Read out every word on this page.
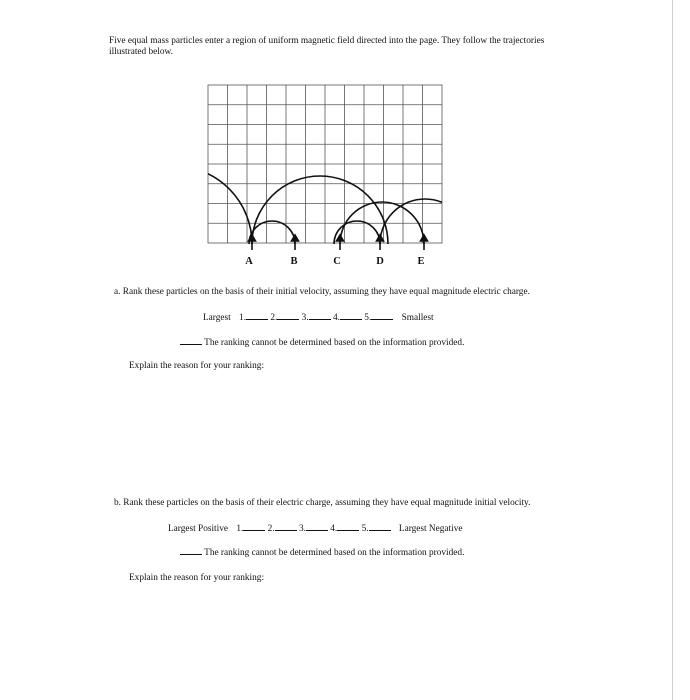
Five equal mass particles enter a region of uniform magnetic field directed into the page. They follow the trajectories illustrated below.
A	B	C	D	E
a. Rank these particles on the basis of their initial velocity, assuming they have equal magnitude electric charge.
Largest 1.	2.	3.	4.	5.	Smallest
The ranking cannot be determined based on the information provided.
Explain the reason for your ranking:
b. Rank these particles on the basis of their electric charge, assuming they have equal magnitude initial velocity.
Largest Positive 1.	2.	3.	4.	5.	Largest Negative
The ranking cannot be determined based on the information provided.
Explain the reason for your ranking:
